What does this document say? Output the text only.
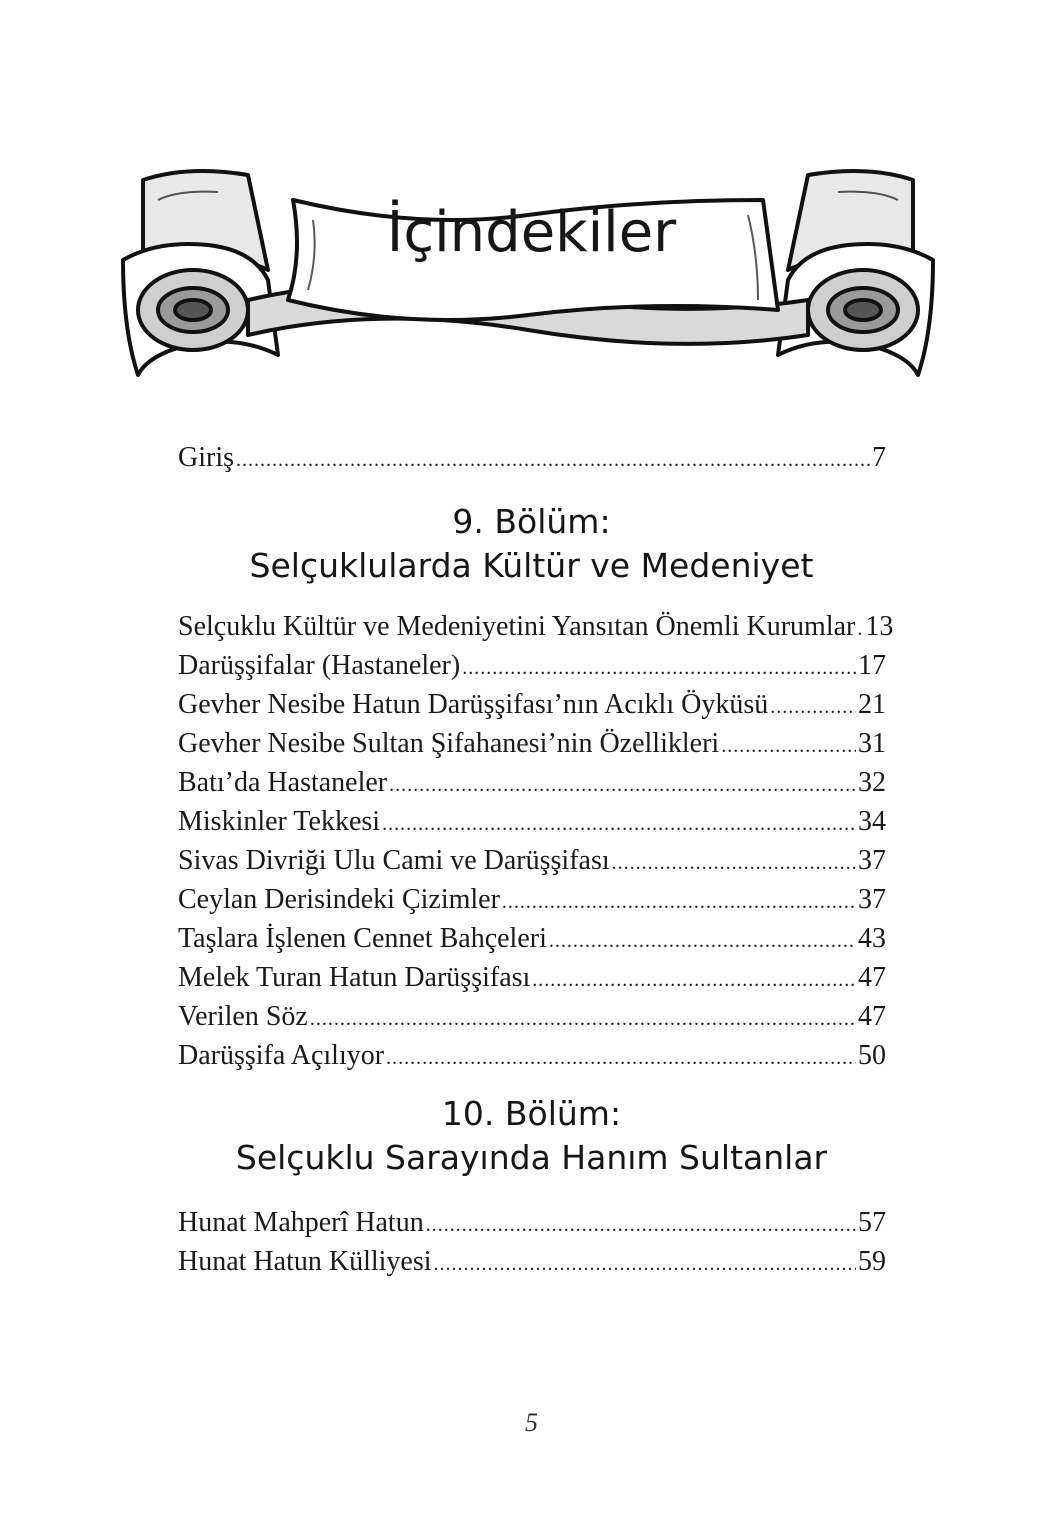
İçindekiler
Giriş . . .	7
9. Bölüm:
Selçuklularda Kültür ve Medeniyet
Selçuklu Kültür ve Medeniyetini Yansıtan Önemli Kurumlar . . . 13
Darüşşifalar (Hastaneler) . . .	17
Gevher Nesibe Hatun Darüşşifası’nın Acıklı Öyküsü . . .	21
Gevher Nesibe Sultan Şifahanesi’nin Özellikleri . . .	31
Batı’da Hastaneler . . .	32
Miskinler Tekkesi . . .	34
Sivas Divriği Ulu Cami ve Darüşşifası . . .	37
Ceylan Derisindeki Çizimler . . .	37
Taşlara İşlenen Cennet Bahçeleri . . .	43
Melek Turan Hatun Darüşşifası . . .	47
Verilen Söz . . .	47
Darüşşifa Açılıyor . . .	50
10. Bölüm:
Selçuklu Sarayında Hanım Sultanlar
Hunat Mahperî Hatun . . .	57
Hunat Hatun Külliyesi . . .	59
5
